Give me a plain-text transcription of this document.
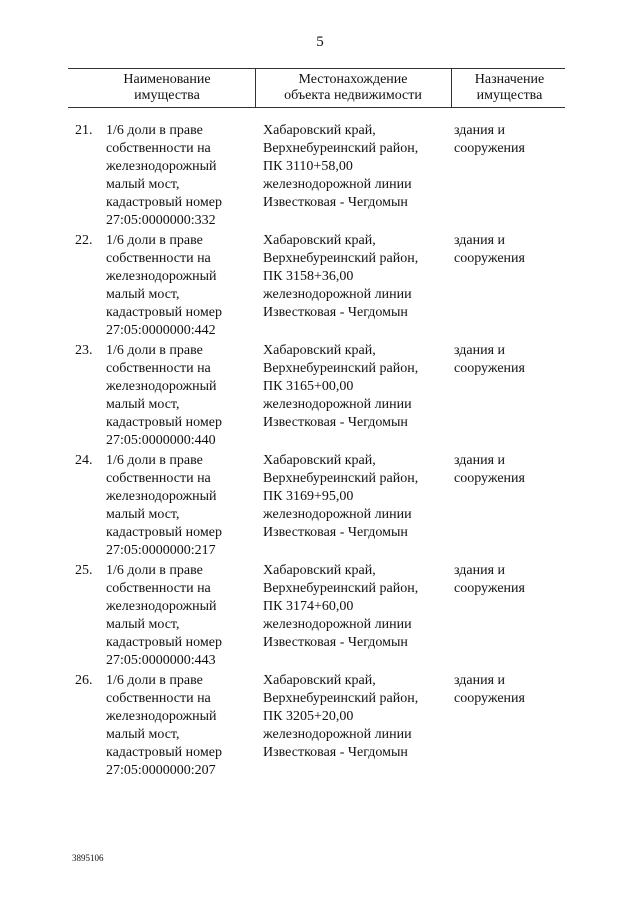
5
Наименование
имущества
Местонахождение
объекта недвижимости
Назначение
имущества
21. 1/6 доли в праве
собственности на
железнодорожный
малый мост,
кадастровый номер
27:05:0000000:332
Хабаровский край,
Верхнебуреинский район,
ПК 3110+58,00
железнодорожной линии
Известковая - Чегдомын
здания и
сооружения
22. 1/6 доли в праве
собственности на
железнодорожный
малый мост,
кадастровый номер
27:05:0000000:442
Хабаровский край,
Верхнебуреинский район,
ПК 3158+36,00
железнодорожной линии
Известковая - Чегдомын
здания и
сооружения
23. 1/6 доли в праве
собственности на
железнодорожный
малый мост,
кадастровый номер
27:05:0000000:440
Хабаровский край,
Верхнебуреинский район,
ПК 3165+00,00
железнодорожной линии
Известковая - Чегдомын
здания и
сооружения
24. 1/6 доли в праве
собственности на
железнодорожный
малый мост,
кадастровый номер
27:05:0000000:217
Хабаровский край,
Верхнебуреинский район,
ПК 3169+95,00
железнодорожной линии
Известковая - Чегдомын
здания и
сооружения
25. 1/6 доли в праве
собственности на
железнодорожный
малый мост,
кадастровый номер
27:05:0000000:443
Хабаровский край,
Верхнебуреинский район,
ПК 3174+60,00
железнодорожной линии
Известковая - Чегдомын
здания и
сооружения
26. 1/6 доли в праве
собственности на
железнодорожный
малый мост,
кадастровый номер
27:05:0000000:207
Хабаровский край,
Верхнебуреинский район,
ПК 3205+20,00
железнодорожной линии
Известковая - Чегдомын
здания и
сооружения
3895106
